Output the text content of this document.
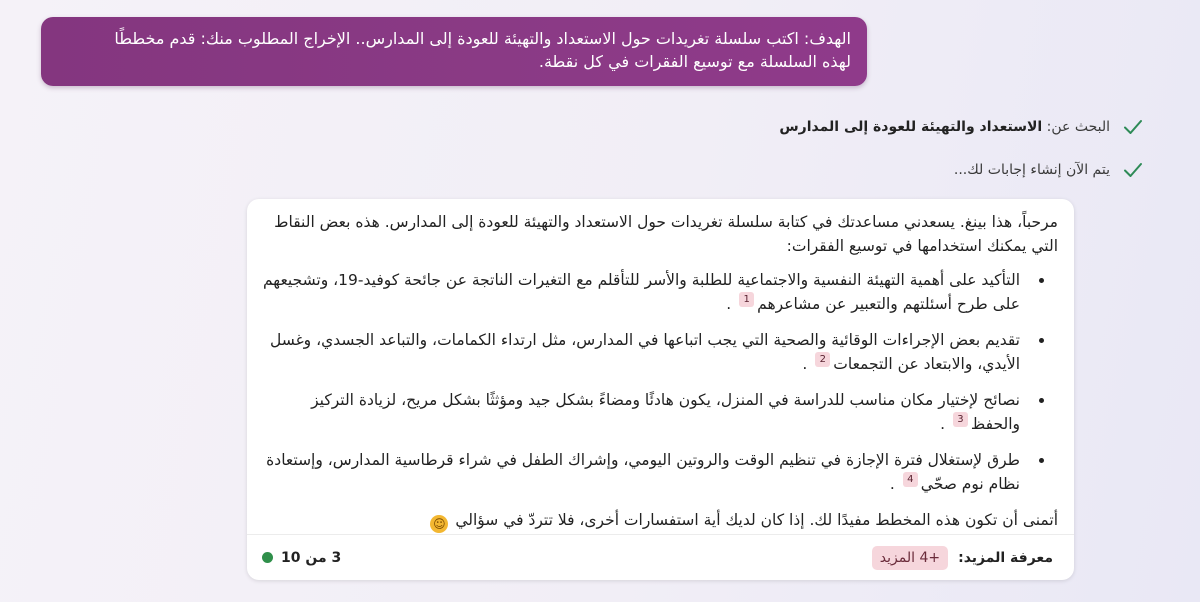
الهدف: اكتب سلسلة تغريدات حول الاستعداد والتهيئة للعودة إلى المدارس.. الإخراج المطلوب منك: قدم مخططًا
لهذه السلسلة مع توسيع الفقرات في كل نقطة.
البحث عن:

الاستعداد والتهيئة للعودة إلى المدارس
يتم الآن إنشاء إجابات لك...

مرحباً، هذا بينغ. يسعدني مساعدتك في كتابة سلسلة تغريدات حول الاستعداد والتهيئة للعودة إلى المدارس. هذه بعض النقاط التي يمكنك استخدامها في توسيع الفقرات:

التأكيد على أهمية التهيئة النفسية والاجتماعية للطلبة والأسر للتأقلم مع التغيرات الناتجة عن جائحة كوفيد-19، وتشجيعهم على طرح أسئلتهم والتعبير عن مشاعرهم1 .
تقديم بعض الإجراءات الوقائية والصحية التي يجب اتباعها في المدارس، مثل ارتداء الكمامات، والتباعد الجسدي، وغسل الأيدي، والابتعاد عن التجمعات2 .
نصائح لإختيار مكان مناسب للدراسة في المنزل، يكون هادئًا ومضاءً بشكل جيد ومؤثثًا بشكل مريح، لزيادة التركيز والحفظ3 .
طرق لإستغلال فترة الإجازة في تنظيم الوقت والروتين اليومي، وإشراك الطفل في شراء قرطاسية المدارس، وإستعادة نظام نوم صحّي4 .

أتمنى أن تكون هذه المخطط مفيدًا لك. إذا كان لديك أية استفسارات أخرى، فلا تتردّ في سؤالي ☺

معرفة المزيد:
+4 المزيد
3 من 10
